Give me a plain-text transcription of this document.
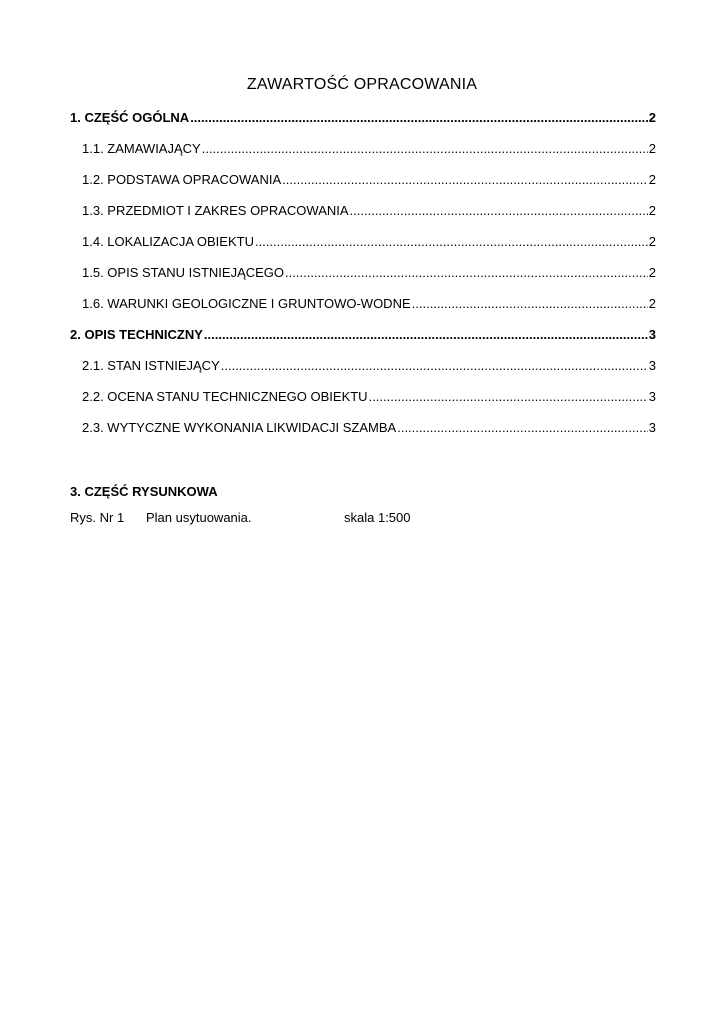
ZAWARTOŚĆ OPRACOWANIA
1. CZĘŚĆ OGÓLNA .....	2
1.1. ZAMAWIAJĄCY .....	2
1.2. PODSTAWA OPRACOWANIA .....	2
1.3. PRZEDMIOT I ZAKRES OPRACOWANIA .....	2
1.4. LOKALIZACJA OBIEKTU .....	2
1.5. OPIS STANU ISTNIEJĄCEGO .....	2
1.6. WARUNKI GEOLOGICZNE I GRUNTOWO-WODNE .....	2
2. OPIS TECHNICZNY .....	3
2.1. STAN ISTNIEJĄCY .....	3
2.2. OCENA STANU TECHNICZNEGO OBIEKTU .....	3
2.3. WYTYCZNE WYKONANIA LIKWIDACJI SZAMBA .....	3
3. CZĘŚĆ RYSUNKOWA
Rys. Nr 1 Plan usytuowania.	skala 1:500
